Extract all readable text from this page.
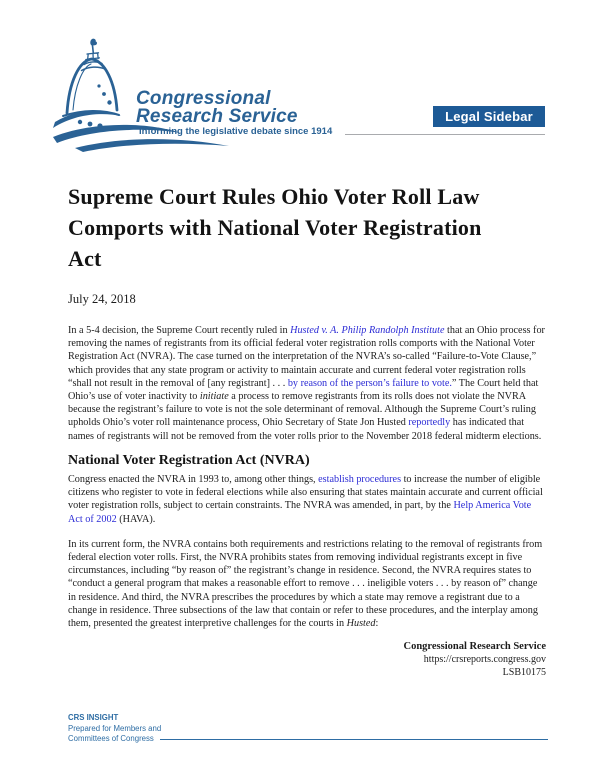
Congressional
Research Service
Informing the legislative debate since 1914
Legal Sidebar
Supreme Court Rules Ohio Voter Roll Law
Comports with National Voter Registration
Act
July 24, 2018

In a 5-4 decision, the Supreme Court recently ruled in Husted v. A. Philip Randolph Institute that an Ohio process for removing the names of registrants from its official federal voter registration rolls comports with the National Voter Registration Act (NVRA). The case turned on the interpretation of the NVRA’s so-called “Failure-to-Vote Clause,” which provides that any state program or activity to maintain accurate and current federal voter registration rolls “shall not result in the removal of [any registrant] . . . by reason of the person’s failure to vote.” The Court held that Ohio’s use of voter inactivity to initiate a process to remove registrants from its rolls does not violate the NVRA because the registrant’s failure to vote is not the sole determinant of removal. Although the Supreme Court’s ruling upholds Ohio’s voter roll maintenance process, Ohio Secretary of State Jon Husted reportedly has indicated that names of registrants will not be removed from the voter rolls prior to the November 2018 federal midterm elections.

National Voter Registration Act (NVRA)

Congress enacted the NVRA in 1993 to, among other things, establish procedures to increase the number of eligible citizens who register to vote in federal elections while also ensuring that states maintain accurate and current official voter registration rolls, subject to certain constraints. The NVRA was amended, in part, by the Help America Vote Act of 2002 (HAVA).

In its current form, the NVRA contains both requirements and restrictions relating to the removal of registrants from federal election voter rolls. First, the NVRA prohibits states from removing individual registrants except in five circumstances, including “by reason of” the registrant’s change in residence. Second, the NVRA requires states to “conduct a general program that makes a reasonable effort to remove . . . ineligible voters . . . by reason of” change in residence. And third, the NVRA prescribes the procedures by which a state may remove a registrant due to a change in residence. Three subsections of the law that contain or refer to these procedures, and the interplay among them, presented the greatest interpretive challenges for the courts in Husted:

Congressional Research Service
https://crsreports.congress.gov
LSB10175
CRS INSIGHT
Prepared for Members and
Committees of Congress
